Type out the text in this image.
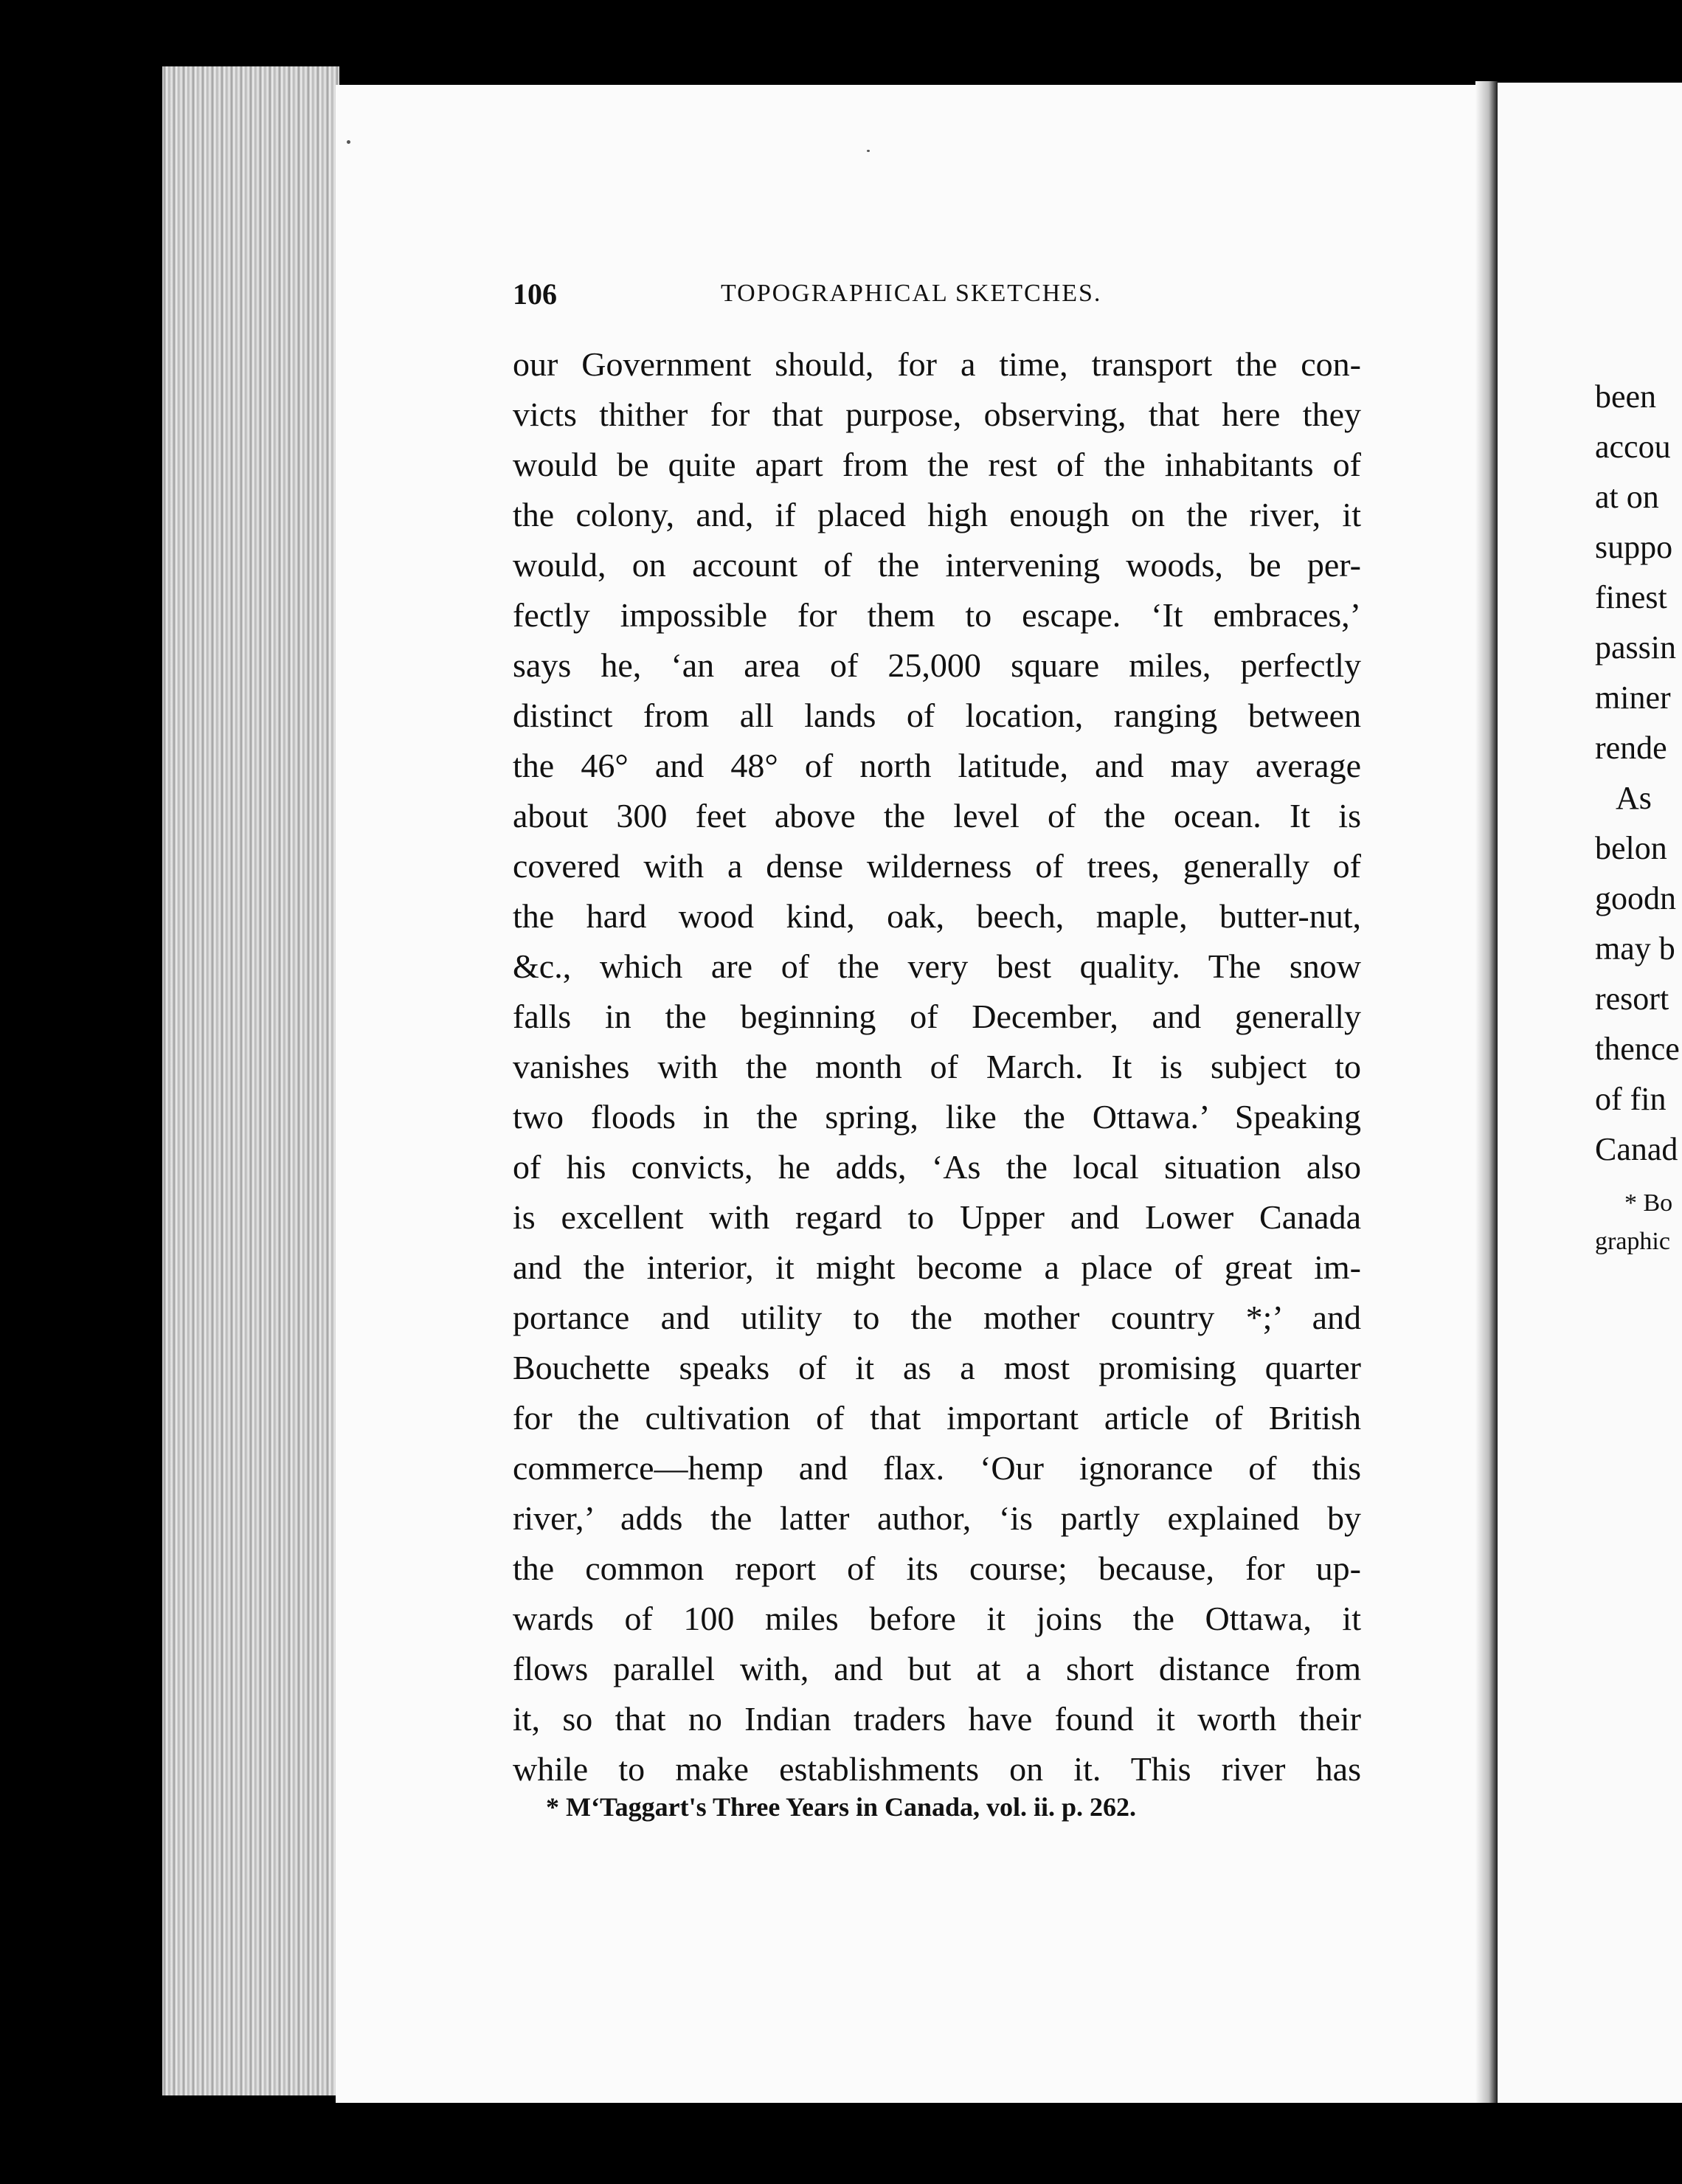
106	TOPOGRAPHICAL SKETCHES.
our Government should, for a time, transport the con-
victs thither for that purpose, observing, that here they
would be quite apart from the rest of the inhabitants of
the colony, and, if placed high enough on the river, it
would, on account of the intervening woods, be per-
fectly impossible for them to escape. ‘It embraces,’
says he, ‘an area of 25,000 square miles, perfectly
distinct from all lands of location, ranging between
the 46° and 48° of north latitude, and may average
about 300 feet above the level of the ocean. It is
covered with a dense wilderness of trees, generally of
the hard wood kind, oak, beech, maple, butter-nut,
&c., which are of the very best quality. The snow
falls in the beginning of December, and generally
vanishes with the month of March. It is subject to
two floods in the spring, like the Ottawa.’ Speaking
of his convicts, he adds, ‘As the local situation also
is excellent with regard to Upper and Lower Canada
and the interior, it might become a place of great im-
portance and utility to the mother country *;’ and
Bouchette speaks of it as a most promising quarter
for the cultivation of that important article of British
commerce—hemp and flax. ‘Our ignorance of this
river,’ adds the latter author, ‘is partly explained by
the common report of its course; because, for up-
wards of 100 miles before it joins the Ottawa, it
flows parallel with, and but at a short distance from
it, so that no Indian traders have found it worth their
while to make establishments on it. This river has
* M‘Taggart's Three Years in Canada, vol. ii. p. 262.
been
accou
at on
suppo
finest
passin
miner
rende
As
belon
goodn
may b
resort
thence
of fin
Canad
* Bo
graphic
